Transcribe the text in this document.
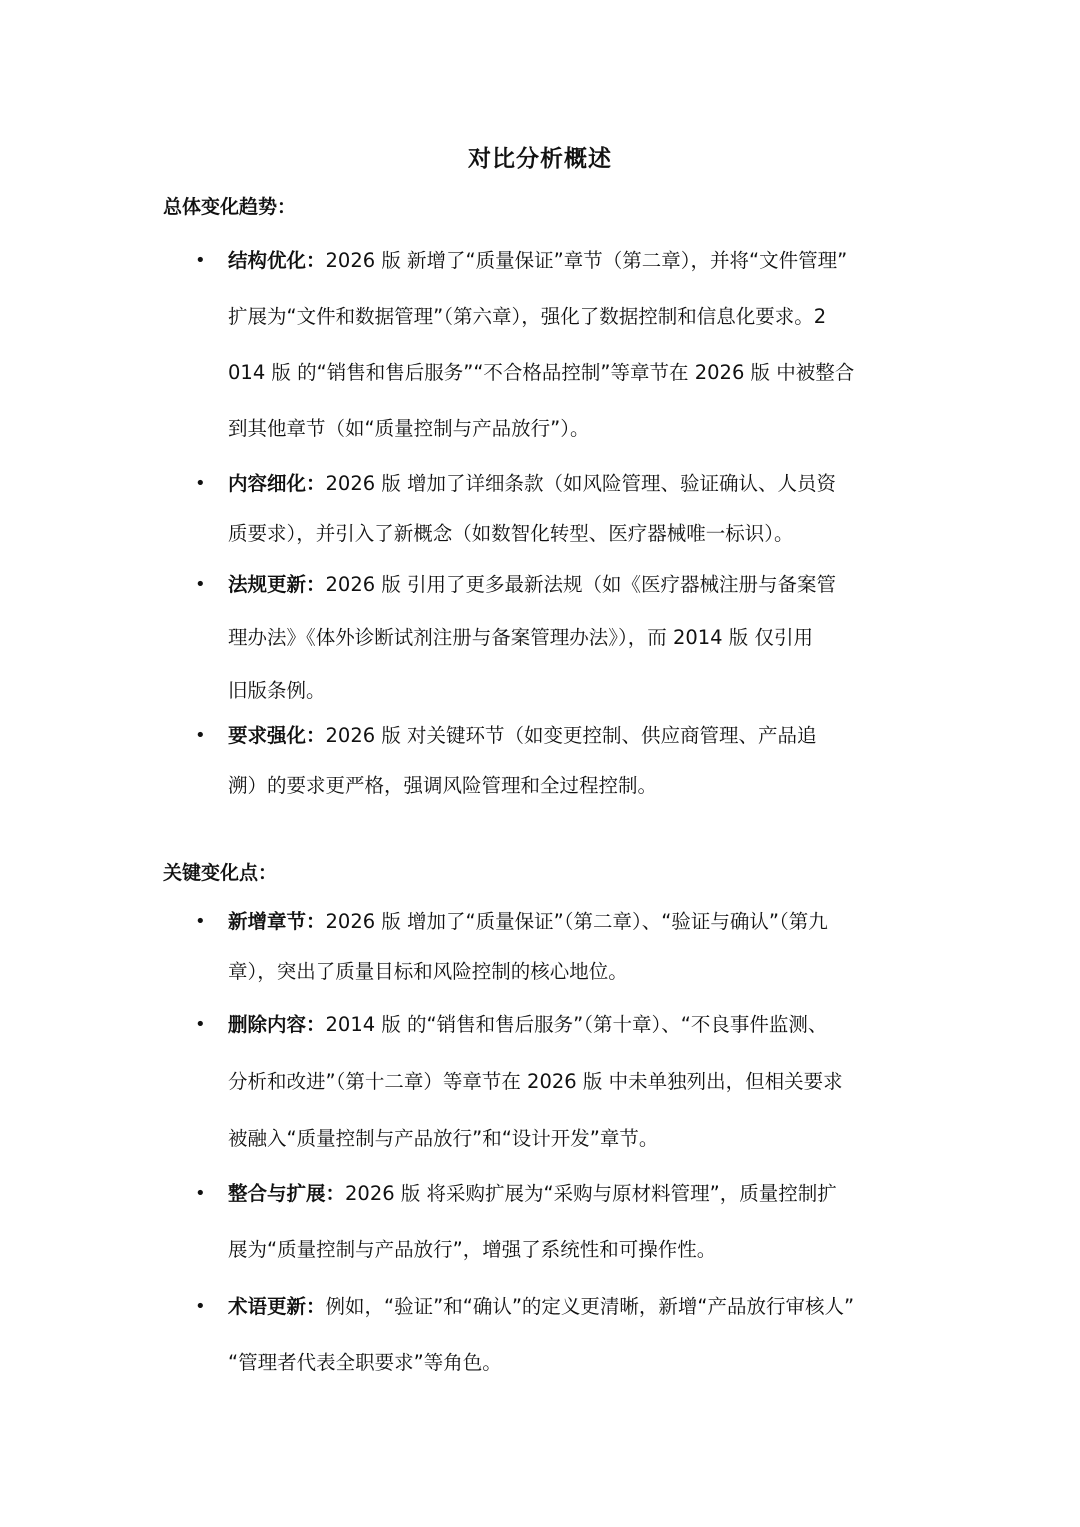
对比分析概述
总体变化趋势：
• 结构优化：2026 版 新增了“质量保证”章节（第二章），并将“文件管理”
扩展为“文件和数据管理”（第六章），强化了数据控制和信息化要求。2
014 版 的“销售和售后服务”“不合格品控制”等章节在 2026 版 中被整合
到其他章节（如“质量控制与产品放行”）。
• 内容细化：2026 版 增加了详细条款（如风险管理、验证确认、人员资
质要求），并引入了新概念（如数智化转型、医疗器械唯一标识）。
• 法规更新：2026 版 引用了更多最新法规（如《医疗器械注册与备案管
理办法》《体外诊断试剂注册与备案管理办法》），而 2014 版 仅引用
旧版条例。
• 要求强化：2026 版 对关键环节（如变更控制、供应商管理、产品追
溯）的要求更严格，强调风险管理和全过程控制。
关键变化点：
• 新增章节：2026 版 增加了“质量保证”（第二章）、“验证与确认”（第九
章），突出了质量目标和风险控制的核心地位。
• 删除内容：2014 版 的“销售和售后服务”（第十章）、“不良事件监测、
分析和改进”（第十二章）等章节在 2026 版 中未单独列出，但相关要求
被融入“质量控制与产品放行”和“设计开发”章节。
• 整合与扩展：2026 版 将采购扩展为“采购与原材料管理”，质量控制扩
展为“质量控制与产品放行”，增强了系统性和可操作性。
• 术语更新：例如，“验证”和“确认”的定义更清晰，新增“产品放行审核人”
“管理者代表全职要求”等角色。
